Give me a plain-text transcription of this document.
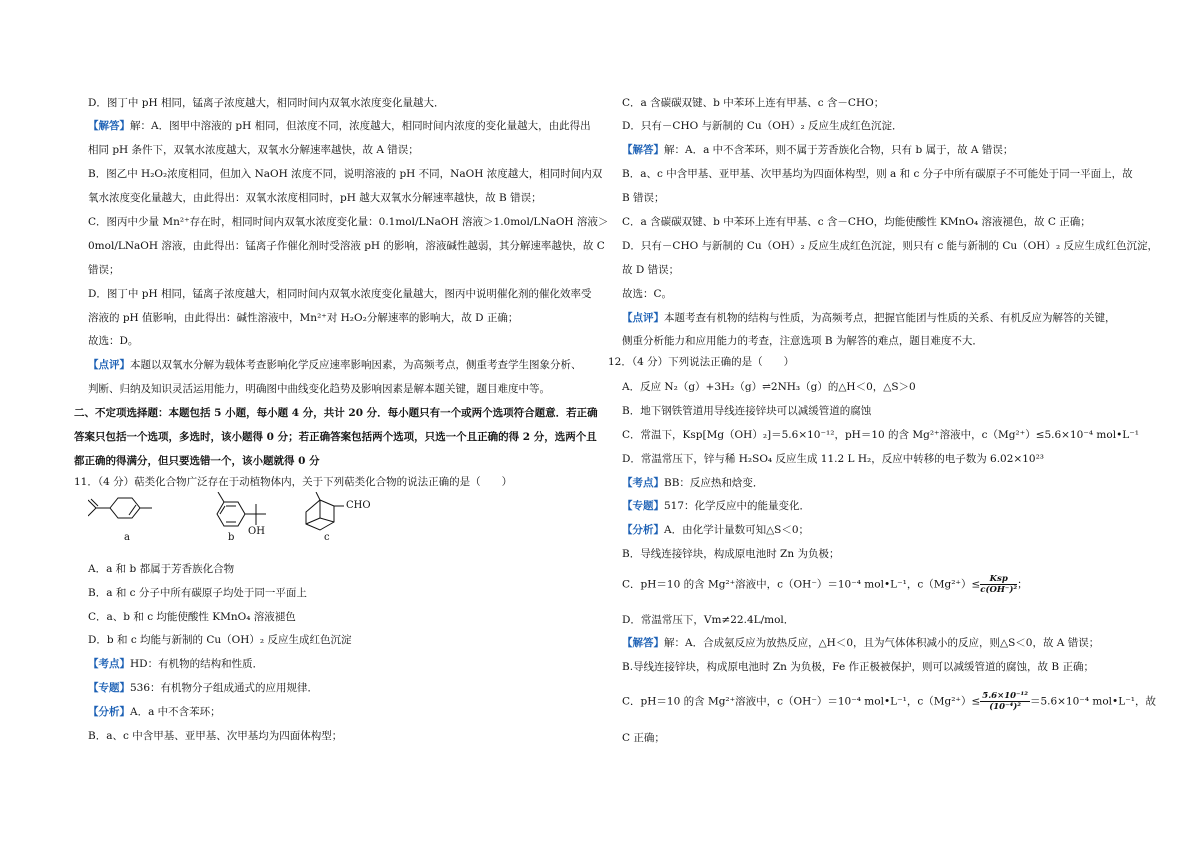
D．图丁中 pH 相同，锰离子浓度越大，相同时间内双氧水浓度变化量越大．
【解答】解：A．图甲中溶液的 pH 相同，但浓度不同，浓度越大，相同时间内浓度的变化量越大，由此得出
相同 pH 条件下，双氧水浓度越大，双氧水分解速率越快，故 A 错误；
B．图乙中 H₂O₂浓度相同，但加入 NaOH 浓度不同，说明溶液的 pH 不同，NaOH 浓度越大，相同时间内双
氧水浓度变化量越大，由此得出：双氧水浓度相同时，pH 越大双氧水分解速率越快，故 B 错误；
C．图丙中少量 Mn²⁺存在时，相同时间内双氧水浓度变化量：0.1mol/LNaOH 溶液＞1.0mol/LNaOH 溶液＞
0mol/LNaOH 溶液，由此得出：锰离子作催化剂时受溶液 pH 的影响，溶液碱性越弱，其分解速率越快，故 C
错误；
D．图丁中 pH 相同，锰离子浓度越大，相同时间内双氧水浓度变化量越大，图丙中说明催化剂的催化效率受
溶液的 pH 值影响，由此得出：碱性溶液中，Mn²⁺对 H₂O₂分解速率的影响大，故 D 正确；
故选：D。
【点评】本题以双氧水分解为载体考查影响化学反应速率影响因素，为高频考点，侧重考查学生图象分析、
判断、归纳及知识灵活运用能力，明确图中曲线变化趋势及影响因素是解本题关键，题目难度中等。
二、不定项选择题：本题包括 5 小题，每小题 4 分，共计 20 分．每小题只有一个或两个选项符合题意．若正确
答案只包括一个选项，多选时，该小题得 0 分；若正确答案包括两个选项，只选一个且正确的得 2 分，选两个且
都正确的得满分，但只要选错一个，该小题就得 0 分
11．（4 分）萜类化合物广泛存在于动植物体内，关于下列萜类化合物的说法正确的是（　　）
a	b
OH
c
CHO
A．a 和 b 都属于芳香族化合物
B．a 和 c 分子中所有碳原子均处于同一平面上
C．a、b 和 c 均能使酸性 KMnO₄ 溶液褪色
D．b 和 c 均能与新制的 Cu（OH）₂ 反应生成红色沉淀
【考点】HD：有机物的结构和性质．
【专题】536：有机物分子组成通式的应用规律．
【分析】A．a 中不含苯环；
B．a、c 中含甲基、亚甲基、次甲基均为四面体构型；
C．a 含碳碳双键、b 中苯环上连有甲基、c 含－CHO；
D．只有－CHO 与新制的 Cu（OH）₂ 反应生成红色沉淀．
【解答】解：A．a 中不含苯环，则不属于芳香族化合物，只有 b 属于，故 A 错误；
B．a、c 中含甲基、亚甲基、次甲基均为四面体构型，则 a 和 c 分子中所有碳原子不可能处于同一平面上，故
B 错误；
C．a 含碳碳双键、b 中苯环上连有甲基、c 含－CHO，均能使酸性 KMnO₄ 溶液褪色，故 C 正确；
D．只有－CHO 与新制的 Cu（OH）₂ 反应生成红色沉淀，则只有 c 能与新制的 Cu（OH）₂ 反应生成红色沉淀，
故 D 错误；
故选：C。
【点评】本题考查有机物的结构与性质，为高频考点，把握官能团与性质的关系、有机反应为解答的关键，
侧重分析能力和应用能力的考查，注意选项 B 为解答的难点，题目难度不大．
12．（4 分）下列说法正确的是（　　）
A．反应 N₂（g）+3H₂（g）⇌2NH₃（g）的△H＜0，△S＞0
B．地下钢铁管道用导线连接锌块可以减缓管道的腐蚀
C．常温下，Ksp[Mg（OH）₂]＝5.6×10⁻¹²，pH＝10 的含 Mg²⁺溶液中，c（Mg²⁺）≤5.6×10⁻⁴ mol•L⁻¹
D．常温常压下，锌与稀 H₂SO₄ 反应生成 11.2 L H₂，反应中转移的电子数为 6.02×10²³
【考点】BB：反应热和焓变．
【专题】517：化学反应中的能量变化．
【分析】A．由化学计量数可知△S＜0；
B．导线连接锌块，构成原电池时 Zn 为负极；
C．pH＝10 的含 Mg²⁺溶液中，c（OH⁻）＝10⁻⁴ mol•L⁻¹，$c(Mg^{2+})\le \frac{\text{Ksp}}{\text{c(OH⁻)²}}$ ；
D．常温常压下，Vm≠22.4L/mol．
【解答】解：A．合成氨反应为放热反应，△H＜0，且为气体体积减小的反应，则△S＜0，故 A 错误；
B.导线连接锌块，构成原电池时 Zn 为负极，Fe 作正极被保护，则可以减缓管道的腐蚀，故 B 正确；
C．pH＝10 的含 Mg²⁺溶液中，c（OH⁻）＝10⁻⁴ mol•L⁻¹，$c(Mg^{2+})\le \frac{\text{5.6×10⁻¹²}}{\text{(10⁻⁴)²}} =5.6\times 10^{-4}$ mol•L⁻¹，故
C 正确；
